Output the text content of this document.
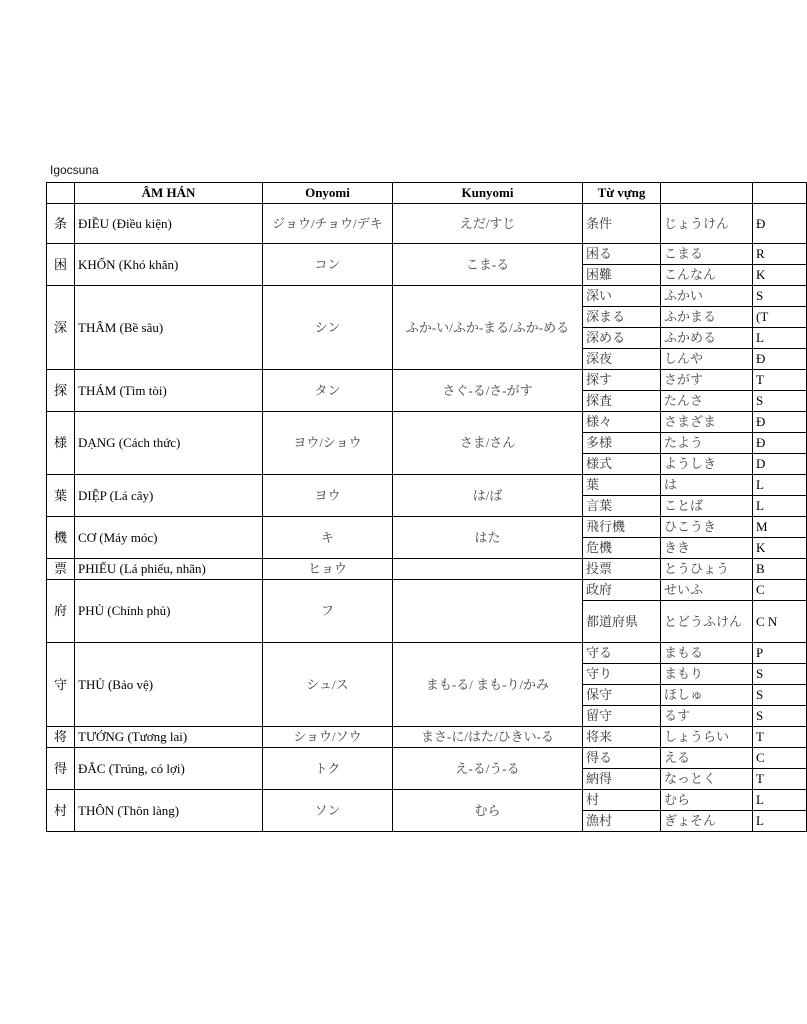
Igocsuna
	ÂM HÁN	Onyomi	Kunyomi	Từ vựng		
条	ĐIỀU (Điều kiện)	ジョウ/チョウ/デキ	えだ/すじ	条件	じょうけん	Đ
困	KHỐN (Khó khăn)	コン	こま-る	困る	こまる	R
				困難	こんなん	K
深	THÂM (Bề sâu)	シン	ふか-い/ふか-まる/ふか-める	深い	ふかい	S
				深まる	ふかまる	(T
				深める	ふかめる	L
				深夜	しんや	Đ
探	THÁM (Tìm tòi)	タン	さぐ-る/さ-がす	探す	さがす	T
				探査	たんさ	S
様	DẠNG (Cách thức)	ヨウ/ショウ	さま/さん	様々	さまざま	Đ
				多様	たよう	Đ
				様式	ようしき	D
葉	DIỆP (Lá cây)	ヨウ	は/ば	葉	は	L
				言葉	ことば	L
機	CƠ (Máy móc)	キ	はた	飛行機	ひこうき	M
				危機	きき	K
票	PHIẾU (Lá phiếu, nhãn)	ヒョウ		投票	とうひょう	B
府	PHỦ (Chính phủ)	フ		政府	せいふ	C
				都道府県	とどうふけん	C N
守	THỦ (Bảo vệ)	シュ/ス	まも-る/ まも-り/かみ	守る	まもる	P
				守り	まもり	S
				保守	ほしゅ	S
				留守	るす	S
将	TƯỚNG (Tương lai)	ショウ/ソウ	まさ-に/はた/ひきい-る	将来	しょうらい	T
得	ĐẮC (Trúng, có lợi)	トク	え-る/う-る	得る	える	C
				納得	なっとく	T
村	THÔN (Thôn làng)	ソン	むら	村	むら	L
				漁村	ぎょそん	L
